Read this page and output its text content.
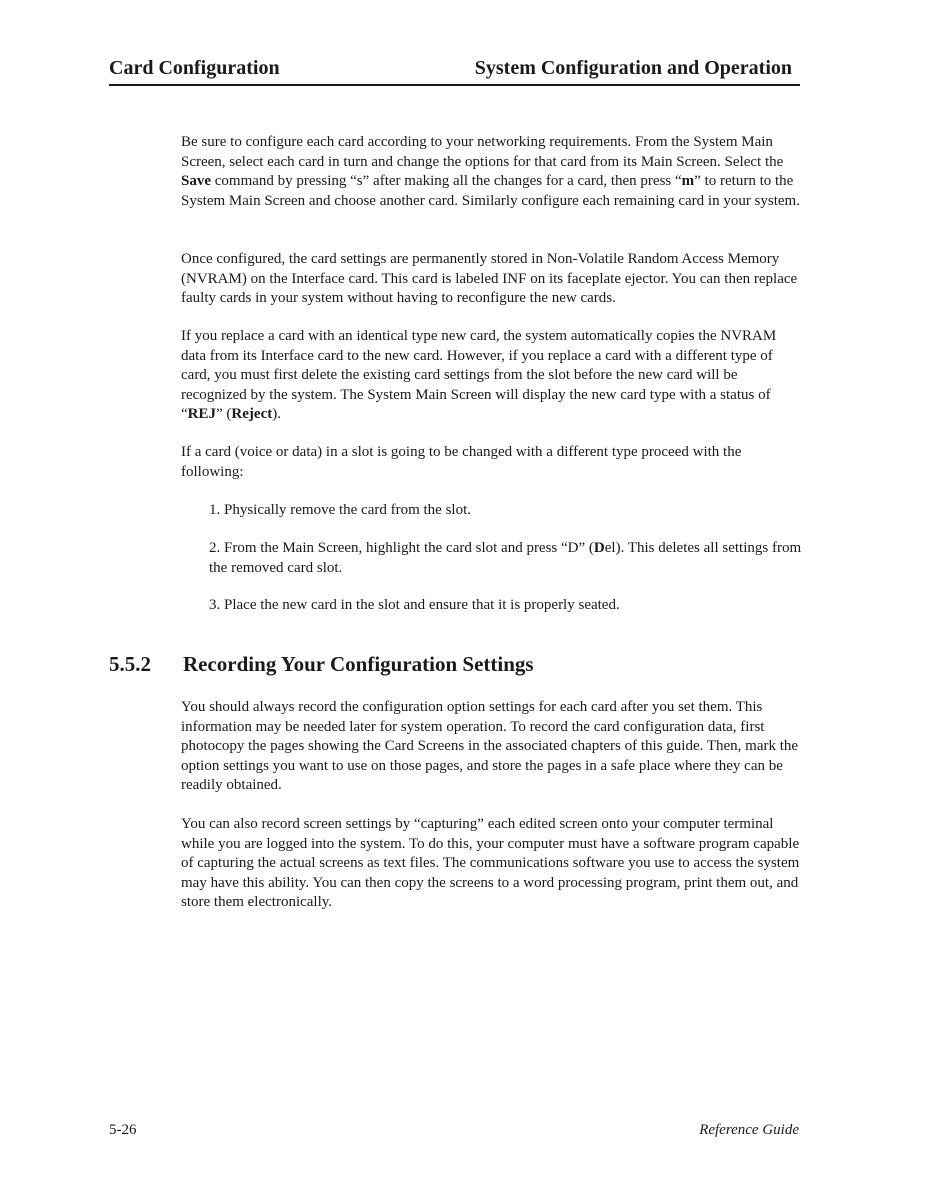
Card Configuration	System Configuration and Operation

Be sure to configure each card according to your networking requirements. From the System Main Screen, select each card in turn and change the options for that card from its Main Screen. Select the Save command by pressing “s” after making all the changes for a card, then press “m” to return to the System Main Screen and choose another card. Similarly configure each remaining card in your system.

Once configured, the card settings are permanently stored in Non-Volatile Random Access Memory (NVRAM) on the Interface card. This card is labeled INF on its faceplate ejector. You can then replace faulty cards in your system without having to reconfigure the new cards.

If you replace a card with an identical type new card, the system automatically copies the NVRAM data from its Interface card to the new card. However, if you replace a card with a different type of card, you must first delete the existing card settings from the slot before the new card will be recognized by the system. The System Main Screen will display the new card type with a status of “REJ” (Reject).

If a card (voice or data) in a slot is going to be changed with a different type proceed with the following:

1. Physically remove the card from the slot.

2. From the Main Screen, highlight the card slot and press “D” (Del). This deletes all settings from the removed card slot.

3. Place the new card in the slot and ensure that it is properly seated.

5.5.2 Recording Your Configuration Settings

You should always record the configuration option settings for each card after you set them. This information may be needed later for system operation. To record the card configuration data, first photocopy the pages showing the Card Screens in the associated chapters of this guide. Then, mark the option settings you want to use on those pages, and store the pages in a safe place where they can be readily obtained.

You can also record screen settings by “capturing” each edited screen onto your computer terminal while you are logged into the system. To do this, your computer must have a software program capable of capturing the actual screens as text files. The communications software you use to access the system may have this ability. You can then copy the screens to a word processing program, print them out, and store them electronically.

5-26	Reference Guide
